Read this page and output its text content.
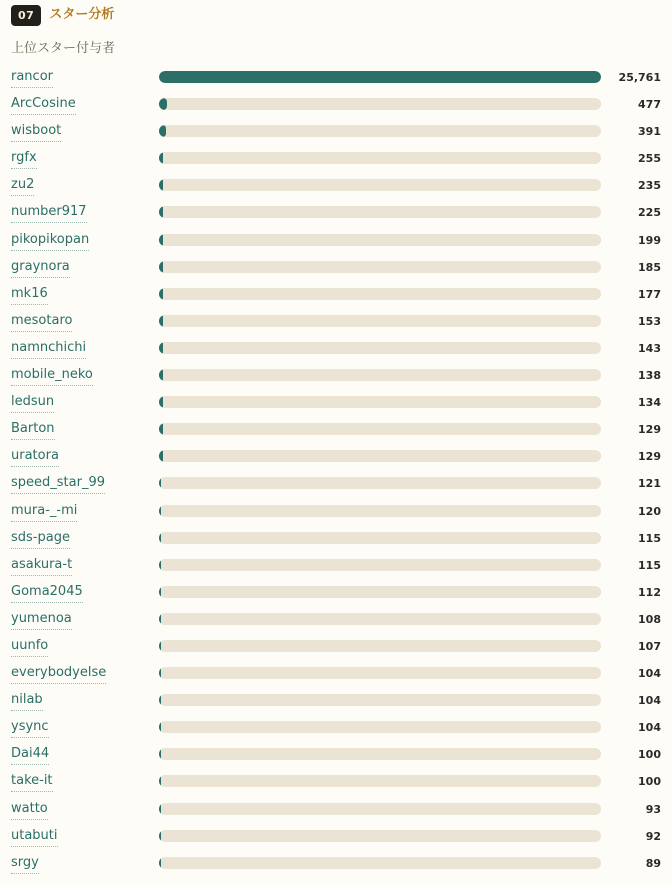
07	スター分析
上位スター付与者
rancor	25,761
ArcCosine	477
wisboot	391
rgfx	255
zu2	235
number917	225
pikopikopan	199
graynora	185
mk16	177
mesotaro	153
namnchichi	143
mobile_neko	138
ledsun	134
Barton	129
uratora	129
speed_star_99	121
mura-_-mi	120
sds-page	115
asakura-t	115
Goma2045	112
yumenoa	108
uunfo	107
everybodyelse	104
nilab	104
ysync	104
Dai44	100
take-it	100
watto	93
utabuti	92
srgy	89
